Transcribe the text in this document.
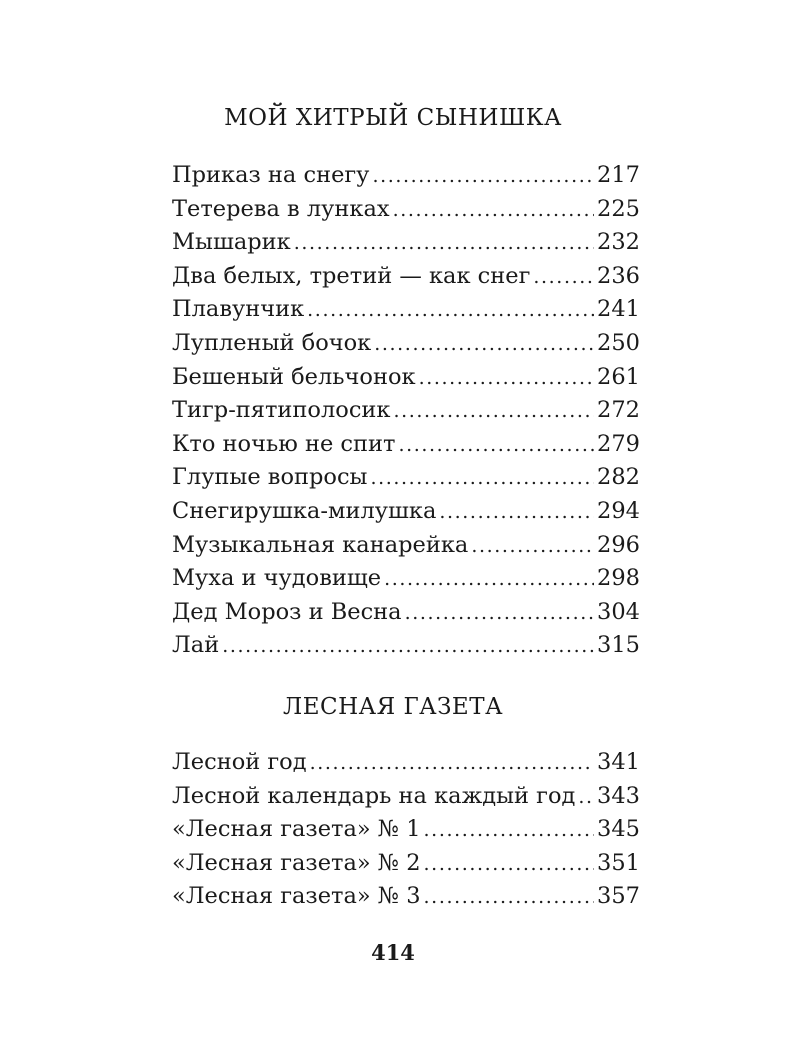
МОЙ ХИТРЫЙ СЫНИШКА
Приказ на снегу .....	217
Тетерева в лунках .....	225
Мышарик .....	232
Два белых, третий — как снег .....	236
Плавунчик .....	241
Лупленый бочок .....	250
Бешеный бельчонок .....	261
Тигр-пятиполосик .....	272
Кто ночью не спит .....	279
Глупые вопросы .....	282
Снегирушка-милушка .....	294
Музыкальная канарейка .....	296
Муха и чудовище .....	298
Дед Мороз и Весна .....	304
Лай .....	315
ЛЕСНАЯ ГАЗЕТА
Лесной год .....	341
Лесной календарь на каждый год ..... 343
«Лесная газета» № 1 .....	345
«Лесная газета» № 2 .....	351
«Лесная газета» № 3 .....	357
414
